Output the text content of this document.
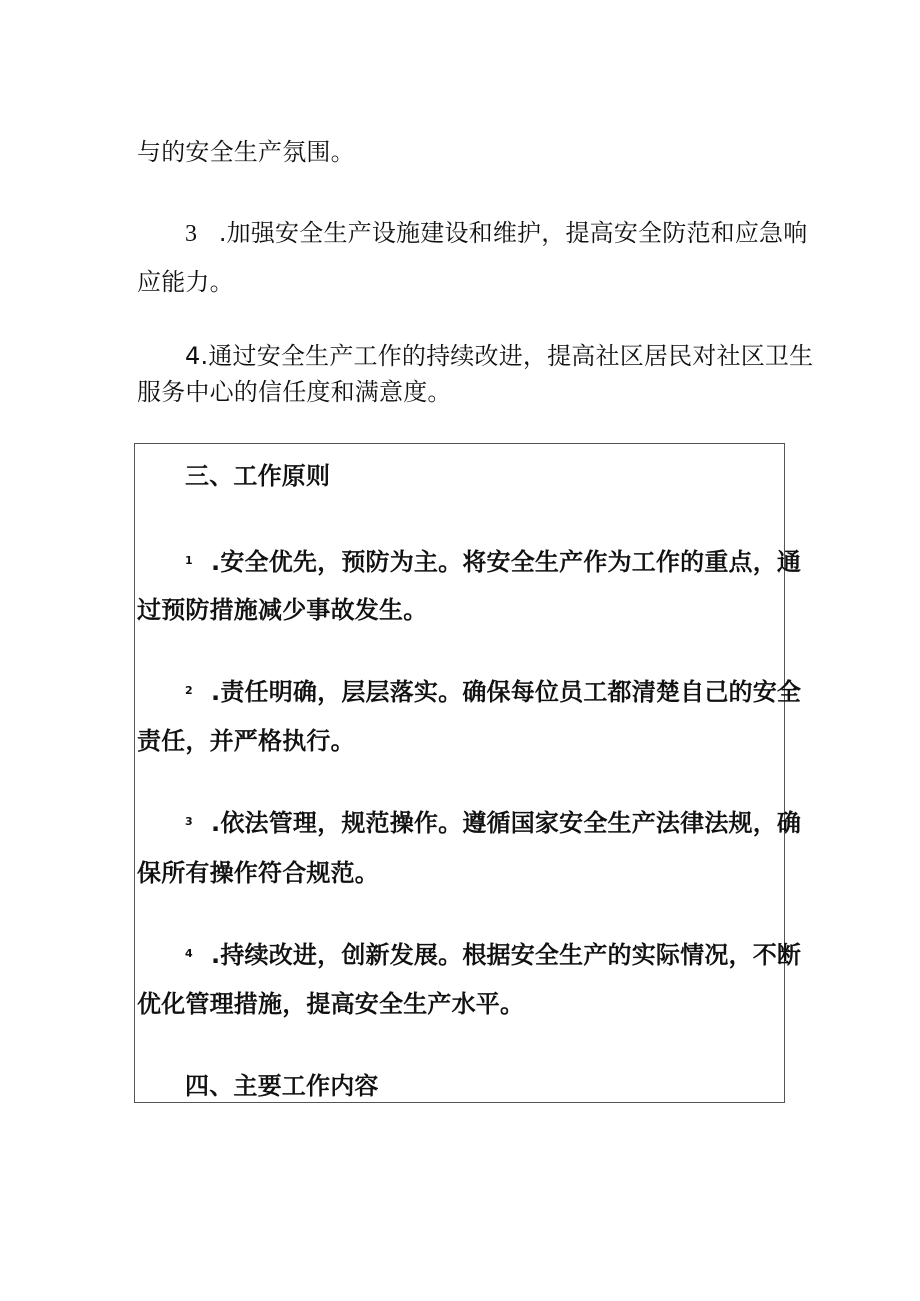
与的安全生产氛围。
3 .加强安全生产设施建设和维护，提高安全防范和应急响
应能力。
4.通过安全生产工作的持续改进，提高社区居民对社区卫生
服务中心的信任度和满意度。
三、工作原则
1 .安全优先，预防为主。将安全生产作为工作的重点，通
过预防措施减少事故发生。
2 .责任明确，层层落实。确保每位员工都清楚自己的安全
责任，并严格执行。
3 .依法管理，规范操作。遵循国家安全生产法律法规，确
保所有操作符合规范。
4 .持续改进，创新发展。根据安全生产的实际情况，不断
优化管理措施，提高安全生产水平。
四、主要工作内容
